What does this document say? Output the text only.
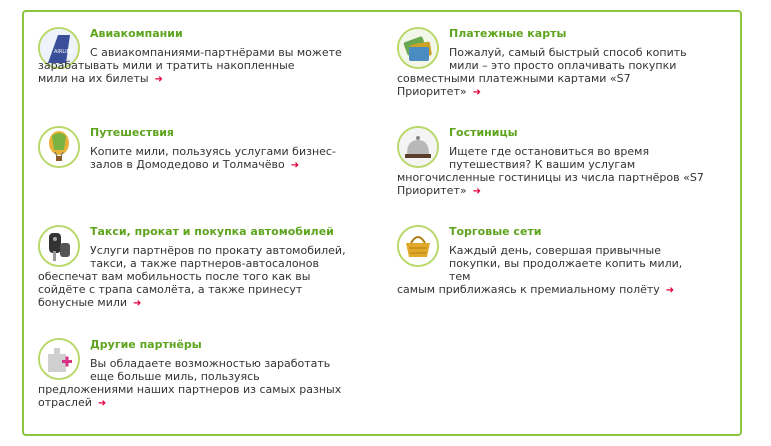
AIRLINE
Авиакомпании
С авиакомпаниями-партнёрами вы можете
зарабатывать мили и тратить накопленные
мили на их билеты ➜
Платежные карты
Пожалуй, самый быстрый способ копить
мили – это просто оплачивать покупки
совместными платежными картами «S7
Приоритет» ➜
Путешествия
Копите мили, пользуясь услугами бизнес-
залов в Домодедово и Толмачёво ➜
Гостиницы
Ищете где остановиться во время
путешествия? К вашим услугам
многочисленные гостиницы из числа партнёров «S7
Приоритет» ➜
Такси, прокат и покупка автомобилей
Услуги партнёров по прокату автомобилей,
такси, а также партнеров-автосалонов
обеспечат вам мобильность после того как вы
сойдёте с трапа самолёта, а также принесут
бонусные мили ➜
Торговые сети
Каждый день, совершая привычные
покупки, вы продолжаете копить мили, тем
самым приближаясь к премиальному полёту ➜
Другие партнёры
Вы обладаете возможностью заработать
еще больше миль, пользуясь
предложениями наших партнеров из самых разных
отраслей ➜
